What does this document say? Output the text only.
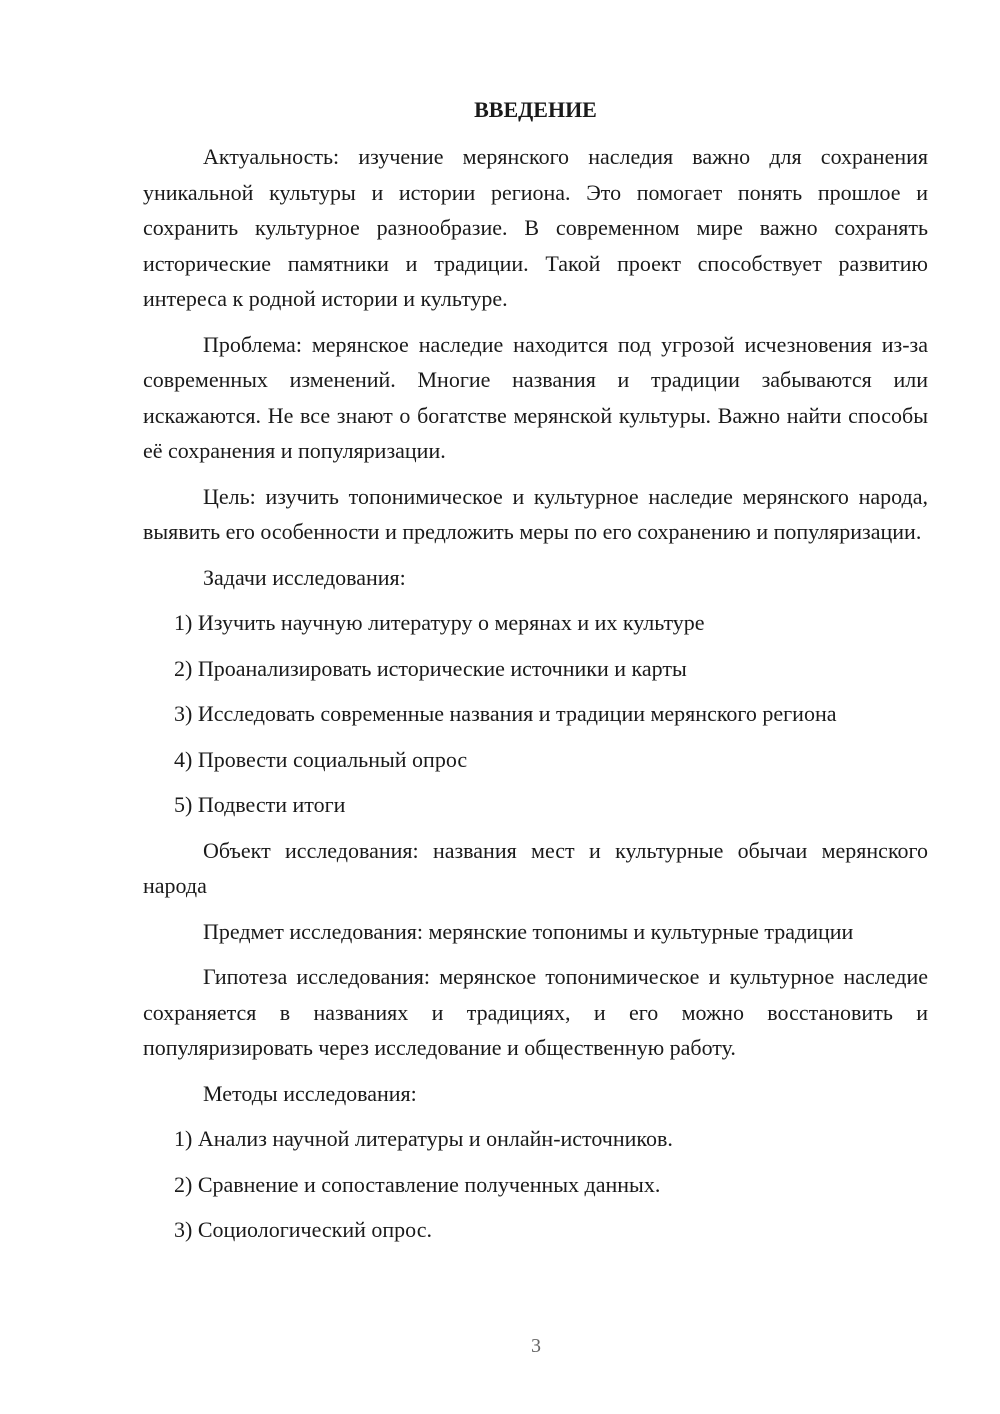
ВВЕДЕНИЕ

Актуальность: изучение мерянского наследия важно для сохранения уникальной культуры и истории региона. Это помогает понять прошлое и сохранить культурное разнообразие. В современном мире важно сохранять исторические памятники и традиции. Такой проект способствует развитию интереса к родной истории и культуре.

Проблема: мерянское наследие находится под угрозой исчезновения из-за современных изменений. Многие названия и традиции забываются или искажаются. Не все знают о богатстве мерянской культуры. Важно найти способы её сохранения и популяризации.

Цель: изучить топонимическое и культурное наследие мерянского народа, выявить его особенности и предложить меры по его сохранению и популяризации.

Задачи исследования:
1) Изучить научную литературу о мерянах и их культуре
2) Проанализировать исторические источники и карты
3) Исследовать современные названия и традиции мерянского региона
4) Провести социальный опрос
5) Подвести итоги

Объект исследования: названия мест и культурные обычаи мерянского народа

Предмет исследования: мерянские топонимы и культурные традиции

Гипотеза исследования: мерянское топонимическое и культурное наследие сохраняется в названиях и традициях, и его можно восстановить и популяризировать через исследование и общественную работу.

Методы исследования:
1) Анализ научной литературы и онлайн-источников.
2) Сравнение и сопоставление полученных данных.
3) Социологический опрос.
3
